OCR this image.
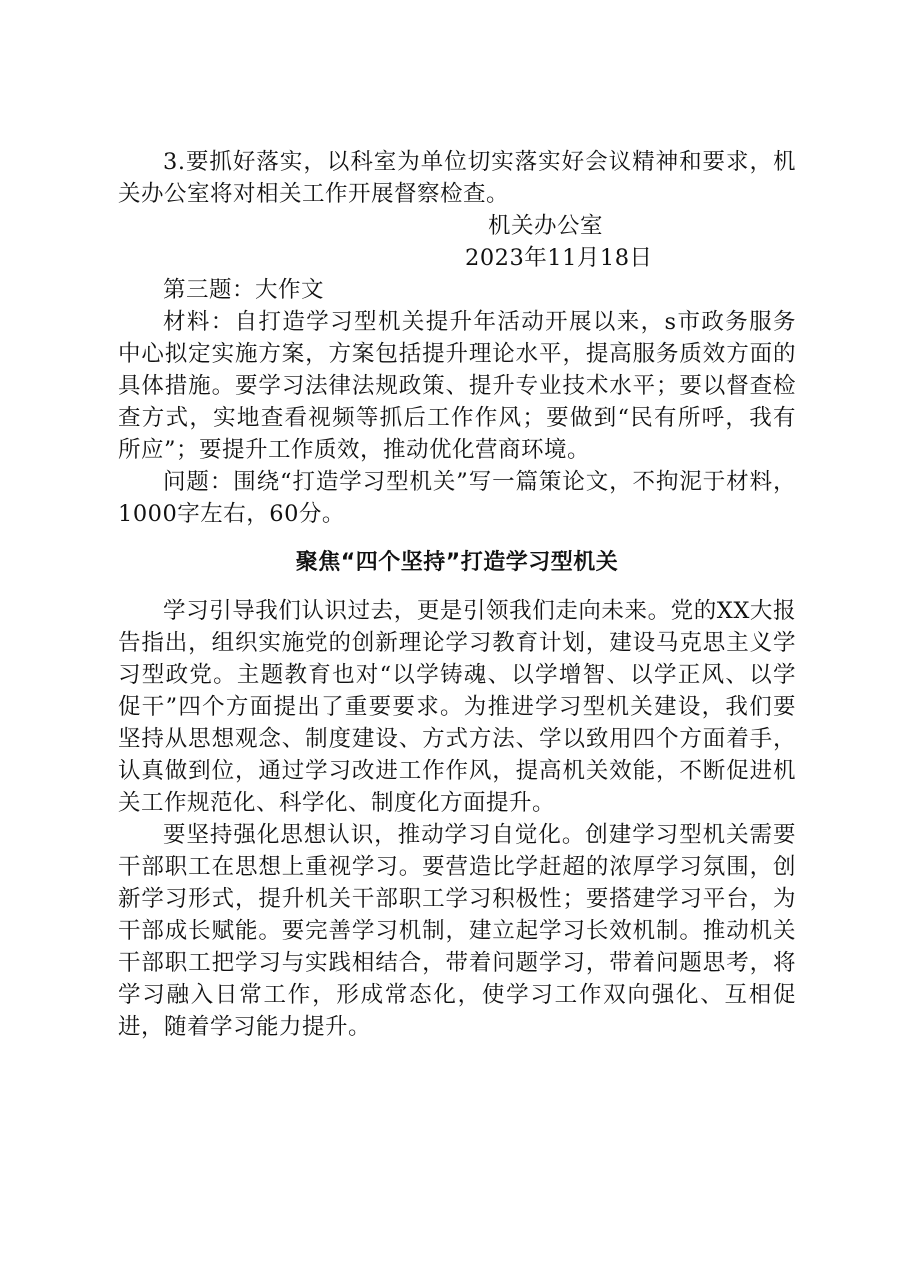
3.要抓好落实，以科室为单位切实落实好会议精神和要求，机关办公室将对相关工作开展督察检查。

机关办公室

2023年11月18日

第三题：大作文

材料：自打造学习型机关提升年活动开展以来，s市政务服务中心拟定实施方案，方案包括提升理论水平，提高服务质效方面的具体措施。要学习法律法规政策、提升专业技术水平；要以督查检查方式，实地查看视频等抓后工作作风；要做到“民有所呼，我有所应”；要提升工作质效，推动优化营商环境。

问题：围绕“打造学习型机关”写一篇策论文，不拘泥于材料，1000字左右，60分。

聚焦“四个坚持”打造学习型机关

学习引导我们认识过去，更是引领我们走向未来。党的XX大报告指出，组织实施党的创新理论学习教育计划，建设马克思主义学习型政党。主题教育也对“以学铸魂、以学增智、以学正风、以学促干”四个方面提出了重要要求。为推进学习型机关建设，我们要坚持从思想观念、制度建设、方式方法、学以致用四个方面着手，认真做到位，通过学习改进工作作风，提高机关效能，不断促进机关工作规范化、科学化、制度化方面提升。

要坚持强化思想认识，推动学习自觉化。创建学习型机关需要干部职工在思想上重视学习。要营造比学赶超的浓厚学习氛围，创新学习形式，提升机关干部职工学习积极性；要搭建学习平台，为干部成长赋能。要完善学习机制，建立起学习长效机制。推动机关干部职工把学习与实践相结合，带着问题学习，带着问题思考，将学习融入日常工作，形成常态化，使学习工作双向强化、互相促进，随着学习能力提升。
